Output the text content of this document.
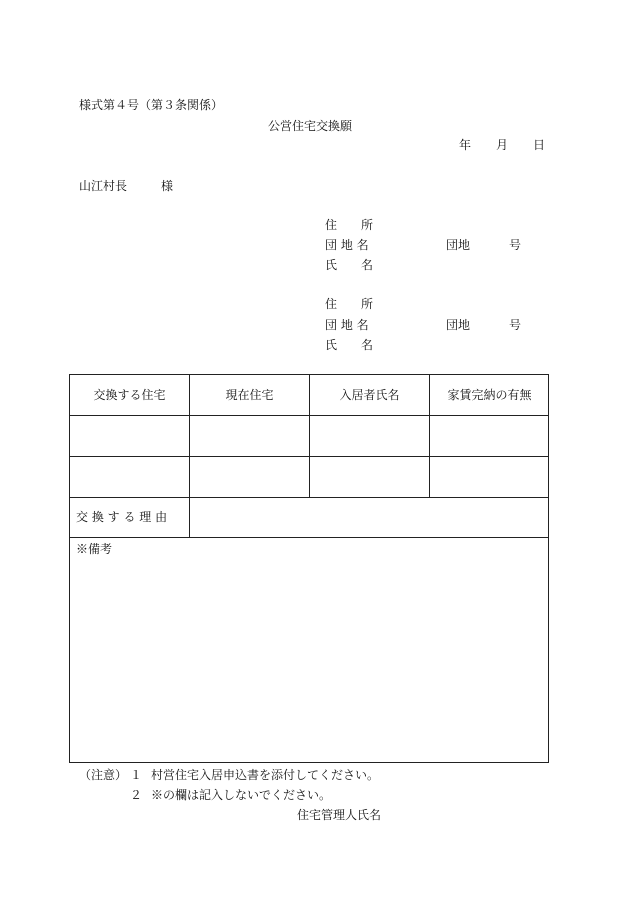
様式第４号（第３条関係）
公営住宅交換願
年 月 日
山江村長	様
住　　所
団 地 名	団地	号
氏　　名
住　　所
団 地 名	団地	号
氏　　名
交換する住宅	現在住宅	入居者氏名	家賃完納の有無
交 換 す る 理 由
※備考
（注意） １ 村営住宅入居申込書を添付してください。
２ ※の欄は記入しないでください。
住宅管理人氏名
